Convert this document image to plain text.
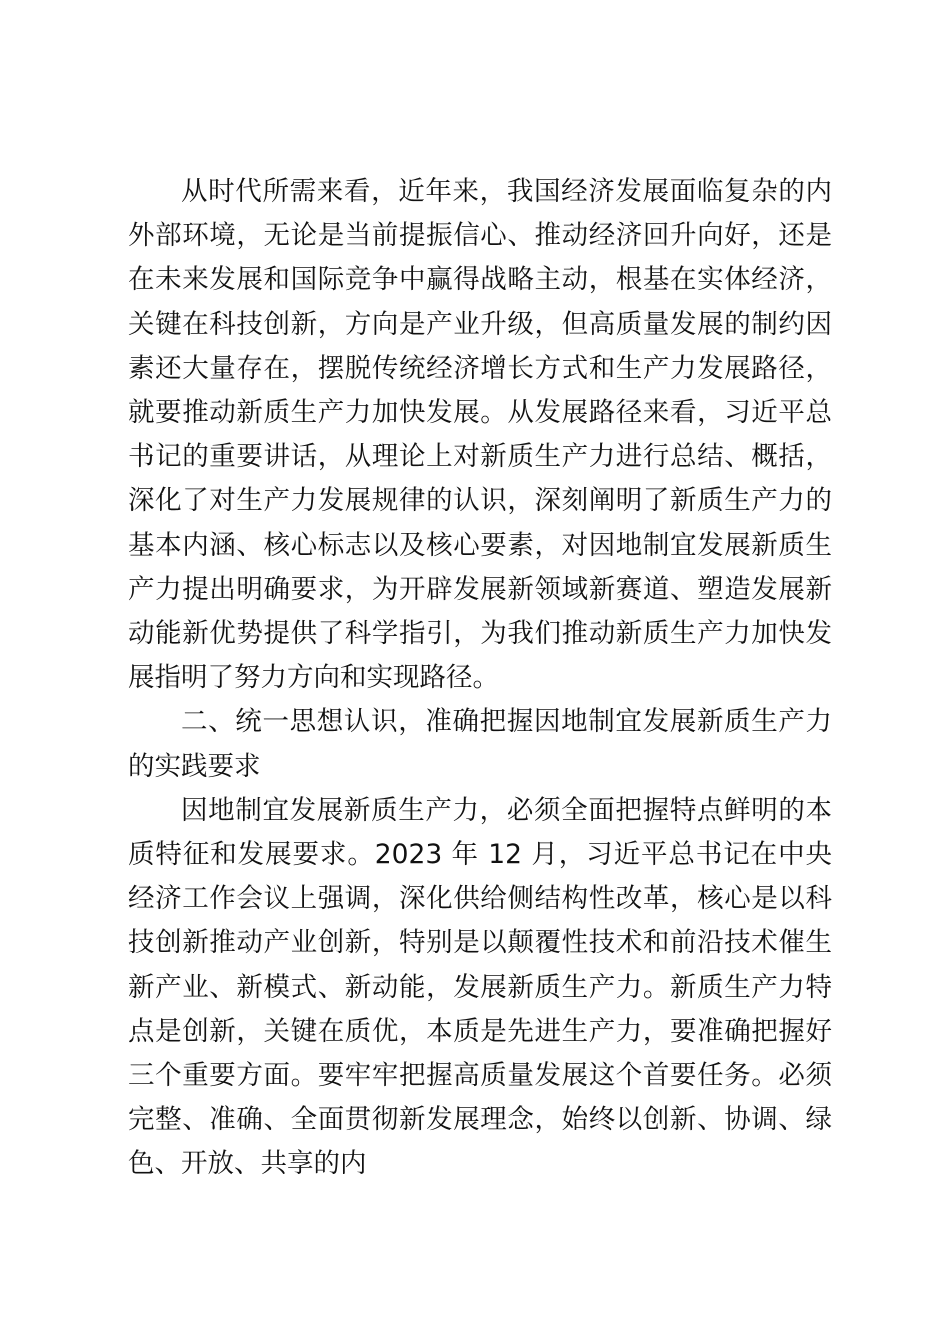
从时代所需来看，近年来，我国经济发展面临复杂的内外部环境，无论是当前提振信心、推动经济回升向好，还是在未来发展和国际竞争中赢得战略主动，根基在实体经济，关键在科技创新，方向是产业升级，但高质量发展的制约因素还大量存在，摆脱传统经济增长方式和生产力发展路径，就要推动新质生产力加快发展。从发展路径来看，习近平总书记的重要讲话，从理论上对新质生产力进行总结、概括，深化了对生产力发展规律的认识，深刻阐明了新质生产力的基本内涵、核心标志以及核心要素，对因地制宜发展新质生产力提出明确要求，为开辟发展新领域新赛道、塑造发展新动能新优势提供了科学指引，为我们推动新质生产力加快发展指明了努力方向和实现路径。

二、统一思想认识，准确把握因地制宜发展新质生产力的实践要求

因地制宜发展新质生产力，必须全面把握特点鲜明的本质特征和发展要求。2023 年 12 月，习近平总书记在中央经济工作会议上强调，深化供给侧结构性改革，核心是以科技创新推动产业创新，特别是以颠覆性技术和前沿技术催生新产业、新模式、新动能，发展新质生产力。新质生产力特点是创新，关键在质优，本质是先进生产力，要准确把握好三个重要方面。要牢牢把握高质量发展这个首要任务。必须完整、准确、全面贯彻新发展理念，始终以创新、协调、绿色、开放、共享的内
